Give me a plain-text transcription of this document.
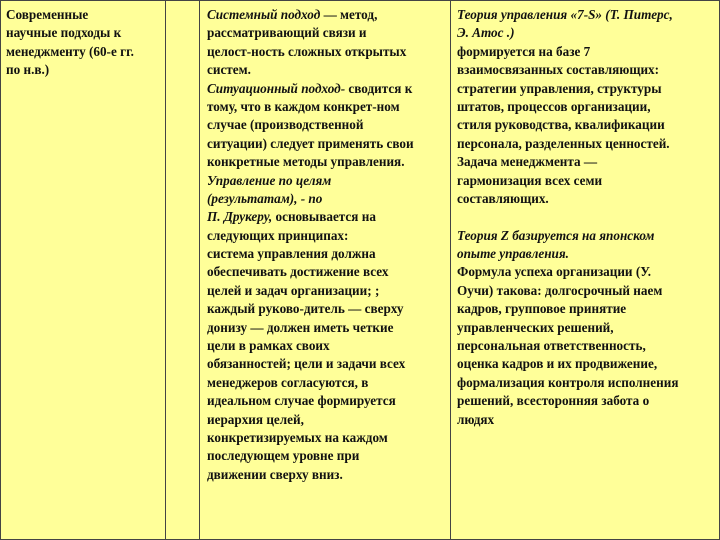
Современные
научные подходы к
менеджменту (60-е гг.
по н.в.)
Системный подход — метод,
рассматривающий связи и
целост-ность сложных открытых
систем.
Ситуационный подход- сводится к
тому, что в каждом конкрет-ном
случае (производственной
ситуации) следует применять свои
конкретные методы управления.
Управление по целям
(результатам), - по
П. Друкеру, основывается на
следующих принципах:
система управления должна
обеспечивать достижение всех
целей и задач организации; ;
каждый руково-дитель — сверху
донизу — должен иметь четкие
цели в рамках своих
обязанностей; цели и задачи всех
менеджеров согласуются, в
идеальном случае формируется
иерархия целей,
конкретизируемых на каждом
последующем уровне при
движении сверху вниз.
Теория управления «7-S» (Т. Питерс,
Э. Атос .)
формируется на базе 7
взаимосвязанных составляющих:
стратегии управления, структуры
штатов, процессов организации,
стиля руководства, квалификации
персонала, разделенных ценностей.
Задача менеджмента —
гармонизация всех семи
составляющих.
Теория Z базируется на японском
опыте управления.
Формула успеха организации (У.
Оучи) такова: долгосрочный наем
кадров, групповое принятие
управленческих решений,
персональная ответственность,
оценка кадров и их продвижение,
формализация контроля исполнения
решений, всесторонняя забота о
людях
